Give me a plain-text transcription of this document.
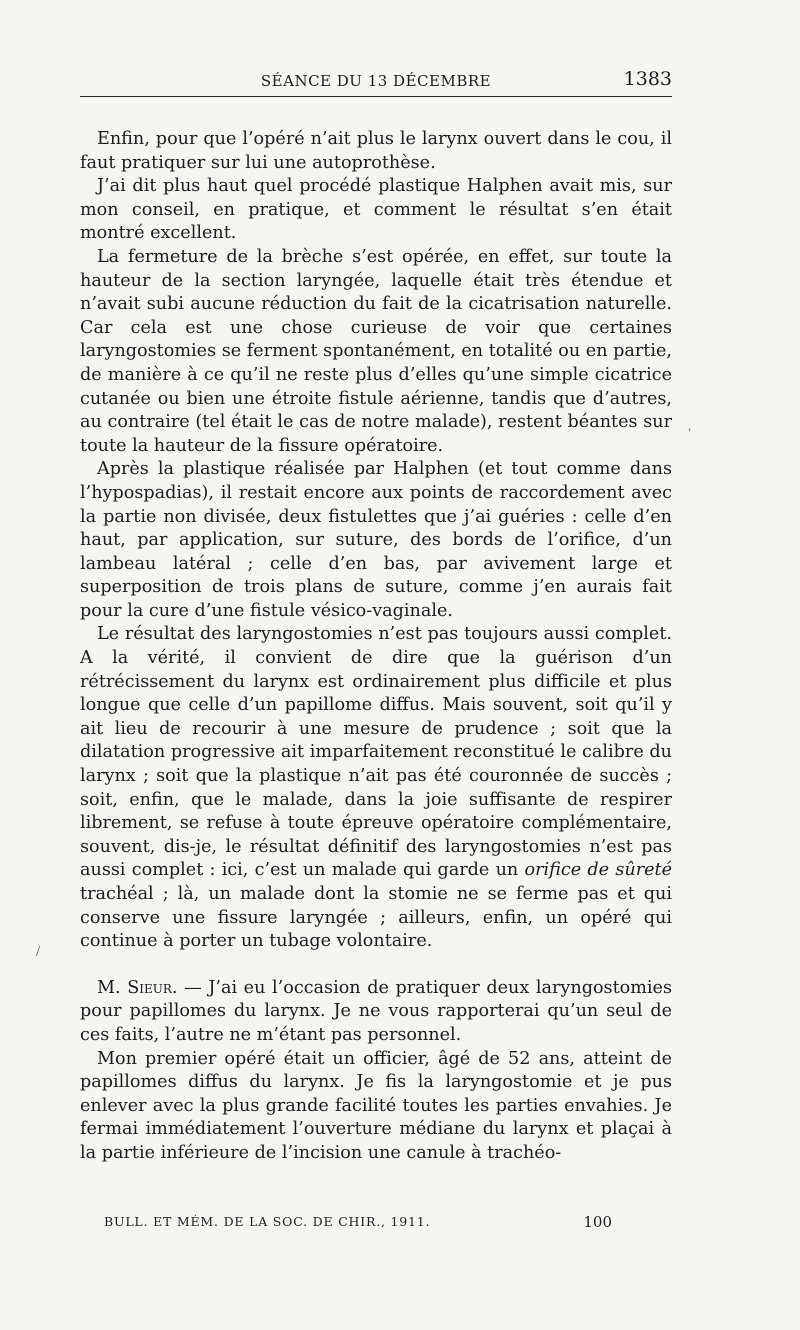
SÉANCE DU 13 DÉCEMBRE	1383

Enfin, pour que l’opéré n’ait plus le larynx ouvert dans le cou, il faut pratiquer sur lui une autoprothèse.

J’ai dit plus haut quel procédé plastique Halphen avait mis, sur mon conseil, en pratique, et comment le résultat s’en était montré excellent.

La fermeture de la brèche s’est opérée, en effet, sur toute la hauteur de la section laryngée, laquelle était très étendue et n’avait subi aucune réduction du fait de la cicatrisation naturelle. Car cela est une chose curieuse de voir que certaines laryngostomies se ferment spontanément, en totalité ou en partie, de manière à ce qu’il ne reste plus d’elles qu’une simple cicatrice cutanée ou bien une étroite fistule aérienne, tandis que d’autres, au contraire (tel était le cas de notre malade), restent béantes sur toute la hauteur de la fissure opératoire.

Après la plastique réalisée par Halphen (et tout comme dans l’hypospadias), il restait encore aux points de raccordement avec la partie non divisée, deux fistulettes que j’ai guéries : celle d’en haut, par application, sur suture, des bords de l’orifice, d’un lambeau latéral ; celle d’en bas, par avivement large et superposition de trois plans de suture, comme j’en aurais fait pour la cure d’une fistule vésico-vaginale.

Le résultat des laryngostomies n’est pas toujours aussi complet. A la vérité, il convient de dire que la guérison d’un rétrécissement du larynx est ordinairement plus difficile et plus longue que celle d’un papillome diffus. Mais souvent, soit qu’il y ait lieu de recourir à une mesure de prudence ; soit que la dilatation progressive ait imparfaitement reconstitué le calibre du larynx ; soit que la plastique n’ait pas été couronnée de succès ; soit, enfin, que le malade, dans la joie suffisante de respirer librement, se refuse à toute épreuve opératoire complémentaire, souvent, dis-je, le résultat définitif des laryngostomies n’est pas aussi complet : ici, c’est un malade qui garde un orifice de sûreté trachéal ; là, un malade dont la stomie ne se ferme pas et qui conserve une fissure laryngée ; ailleurs, enfin, un opéré qui continue à porter un tubage volontaire.

M. Sieur. — J’ai eu l’occasion de pratiquer deux laryngostomies pour papillomes du larynx. Je ne vous rapporterai qu’un seul de ces faits, l’autre ne m’étant pas personnel.

Mon premier opéré était un officier, âgé de 52 ans, atteint de papillomes diffus du larynx. Je fis la laryngostomie et je pus enlever avec la plus grande facilité toutes les parties envahies. Je fermai immédiatement l’ouverture médiane du larynx et plaçai à la partie inférieure de l’incision une canule à trachéo-

BULL. ET MÉM. DE LA SOC. DE CHIR., 1911.	100
'
/
